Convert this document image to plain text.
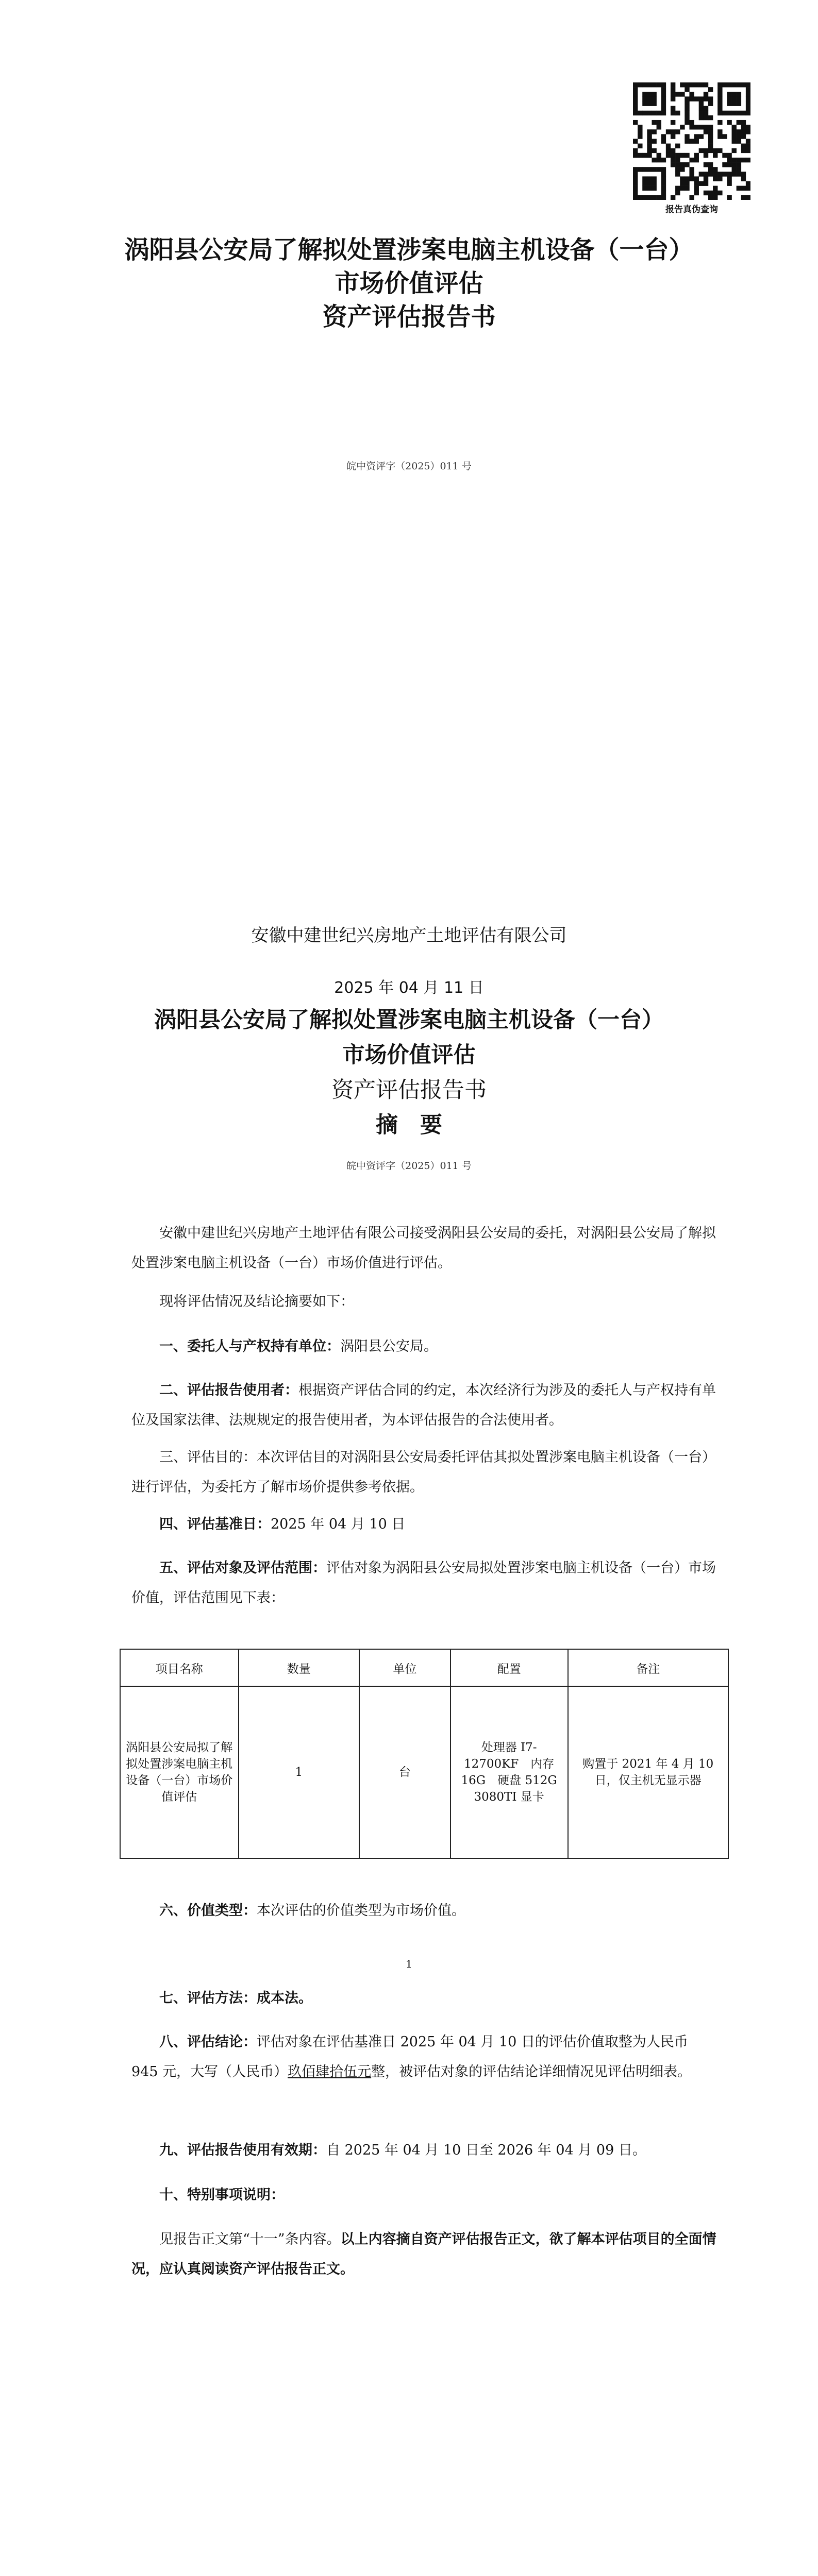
报告真伪查询
涡阳县公安局了解拟处置涉案电脑主机设备（一台）
市场价值评估
资产评估报告书
皖中资评字（2025）011 号
安徽中建世纪兴房地产土地评估有限公司
2025 年 04 月 11 日
涡阳县公安局了解拟处置涉案电脑主机设备（一台）
市场价值评估
资产评估报告书
摘　要
皖中资评字（2025）011 号
安徽中建世纪兴房地产土地评估有限公司接受涡阳县公安局的委托，对涡阳县公安局了解拟处置涉案电脑主机设备（一台）市场价值进行评估。
现将评估情况及结论摘要如下：
一、委托人与产权持有单位：涡阳县公安局。
二、评估报告使用者：根据资产评估合同的约定，本次经济行为涉及的委托人与产权持有单位及国家法律、法规规定的报告使用者，为本评估报告的合法使用者。
三、评估目的：本次评估目的对涡阳县公安局委托评估其拟处置涉案电脑主机设备（一台）进行评估，为委托方了解市场价提供参考依据。
四、评估基准日：2025 年 04 月 10 日
五、评估对象及评估范围：评估对象为涡阳县公安局拟处置涉案电脑主机设备（一台）市场价值，评估范围见下表：
项目名称	数量	单位	配置	备注
涡阳县公安局拟了解拟处置涉案电脑主机设备（一台）市场价值评估	1	台	处理器 I7-12700KF　内存 16G　硬盘 512G　3080TI 显卡	购置于 2021 年 4 月 10 日，仅主机无显示器
六、价值类型：本次评估的价值类型为市场价值。
1
七、评估方法：成本法。
八、评估结论：评估对象在评估基准日 2025 年 04 月 10 日的评估价值取整为人民币 945 元，大写（人民币）玖佰肆拾伍元整，被评估对象的评估结论详细情况见评估明细表。
九、评估报告使用有效期：自 2025 年 04 月 10 日至 2026 年 04 月 09 日。
十、特别事项说明：
见报告正文第“十一”条内容。以上内容摘自资产评估报告正文，欲了解本评估项目的全面情况，应认真阅读资产评估报告正文。
